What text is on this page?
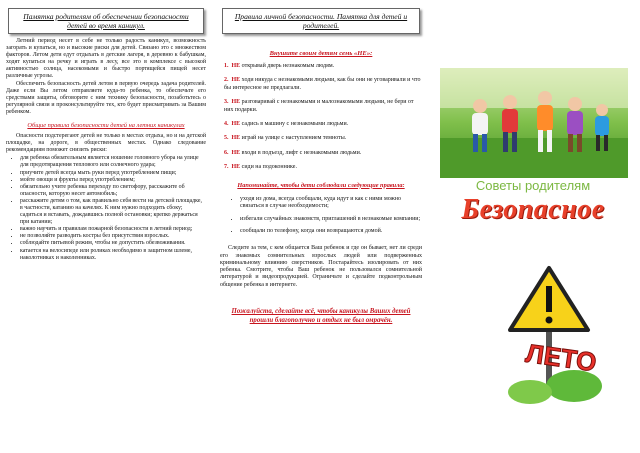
Памятка родителям об обеспечении безопасности детей во время каникул.

Летний период несет в себе не только радость каникул, возможность загорать и купаться, но и высокие риски для детей. Связано это с множеством факторов. Летом дети едут отдыхать в детские лагеря, в деревню к бабушкам, ходят купаться на речку и играть в лесу, все это в комплексе с высокой активностью солнца, насекомыми и быстро портящейся пищей несет различные угрозы.

Обеспечить безопасность детей летом в первую очередь задача родителей. Даже если Вы летом отправляете куда-то ребенка, то обеспечьте его средствами защиты, обговорите с ним технику безопасности, позаботьтесь о регулярной связи и проконсультируйте тех, кто будет присматривать за Вашим ребенком.

Общие правила безопасности детей на летних каникулах

Опасности подстерегают детей не только в местах отдыха, но и на детской площадке, на дороге, в общественных местах. Однако следование рекомендациям поможет снизить риски:

• для ребенка обязательным является ношение головного убора на улице для предотвращения теплового или солнечного удара;
• приучите детей всегда мыть руки перед употреблением пищи;
• мойте овощи и фрукты перед употреблением;
• обязательно учите ребенка переходу по светофору, расскажите об опасности, которую несет автомобиль;
• расскажите детям о том, как правильно себя вести на детской площадке, в частности, катанию на качелях. К ним нужно подходить сбоку; садиться и вставать, дождавшись полной остановки; крепко держаться при катании;
• важно научить и правилам пожарной безопасности в летний период;
• не позволяйте разводить костры без присутствия взрослых.
• соблюдайте питьевой режим, чтобы не допустить обезвоживания.
• катается на велосипеде или роликах необходимо в защитном шлеме, наколотниках и наколенниках.
Правила личной безопасности. Памятка для детей и родителей.
Внушите своим детям семь «НЕ»:
1. НЕ открывай дверь незнакомым людям.
2. НЕ ходи никуда с незнакомыми людьми, как бы они не уговаривали и что бы интересное не предлагали.
3. НЕ разговаривай с незнакомыми и малознакомыми людьми, не бери от них подарки.
4. НЕ садись в машину с незнакомыми людьми.
5. НЕ играй на улице с наступлением темноты.
6. НЕ входи в подъезд, лифт с незнакомыми людьми.
7. НЕ сиди на подоконнике.
Напоминайте, чтобы дети соблюдали следующие правила:
• уходя из дома, всегда сообщали, куда идут и как с ними можно связаться в случае необходимости;
• избегали случайных знакомств, приглашений в незнакомые компании;
• сообщали по телефону, когда они возвращаются домой.

Следите за тем, с кем общается Ваш ребенок и где он бывает, нет ли среди его знакомых сомнительных взрослых людей или подверженных криминальному влиянию сверстников. Постарайтесь изолировать от них ребенка. Смотрите, чтобы Ваш ребенок не пользовался сомнительной литературой и видеопродукцией. Ограничьте и сделайте подконтрольным общение ребенка в интернете.

Пожалуйста, сделайте всё, чтобы каникулы Ваших детей прошли благополучно и отдых не был омрачён.
Советы родителям
Безопасное
ЛЕТО
